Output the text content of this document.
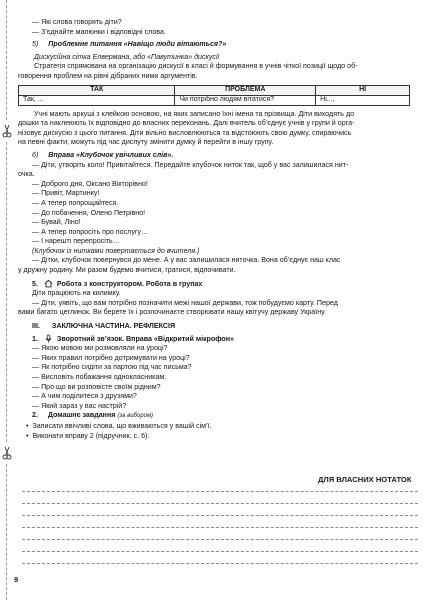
— Які слова говорять діти?
— З’єднайте малюнки і відповідні слова.
5) Проблемне питання «Навіщо люди вітаються?»
Дискусійна сітка Елвермана, або «Павутинка» дискусії
Стратегія спрямована на організацію дискусії в класі й формування в учнів чіткої позиції щодо об-
говорення проблем на рівні дібраних ними аргументів.
ТАК	ПРОБЛЕМА	НІ
Так, ...	Чи потрібно людям вітатися?	Ні...,
Учні мають аркуші з клейкою основою, на яких записано їхні імена та прізвища. Діти виходять до
дошки та наклеюють їх відповідно до власних переконань. Далі вчитель об’єднує учнів у групи й орга-
нізовує дискусію з цього питання. Діти вільно висловлюються та відстоюють свою думку, спираючись
на певні факти; можуть під час диспуту змінити думку й перейти в іншу групу.
6) Вправа «Клубочок увічливих слів».
— Діти, утворіть коло! Привітайтеся. Передайте клубочок ниток так, щоб у вас залишилася нит-
очка.
— Доброго дня, Оксано Вікторівно!
— Привіт, Мартинку!
— А тепер попрощайтеся.
— До побачення, Олено Петрівно!
— Бувай, Ліно!
— А тепер попросіть про послугу…
— І нарешті перепросіть…
(Клубочок із нитками повертається до вчителя.)
— Дітки, клубочок повернувся до мене. А у вас залишилася ниточка. Вона об’єднує наш клас
у дружну родину. Ми разом будемо вчитися, гратися, відпочивати.
5.	Робота з конструктором. Робота в групах
Діти працюють на килимку.
— Діти, уявіть, що вам потрібно позначити межі нашої держави, тож побудуємо карту. Перед
вами багато цеглинок. Ви берете їх і розпочинаєте створювати нашу квітучу державу Україну.
III. ЗАКЛЮЧНА ЧАСТИНА. РЕФЛЕКСІЯ
1.	Зворотний зв’язок. Вправа «Відкритий мікрофон»
— Якою мовою ми розмовляли на уроці?
— Яких правил потрібно дотримувати на уроці?
— Як потрібно сидіти за партою під час письма?
— Висловіть побажання однокласникам.
— Про що ви розповісте своїм рідним?
— А чим поділитеся з друзями?
— Який зараз у вас настрій?
2. Домашнє завдання (за вибором)
•  Записати ввічливі слова, що вживаються у вашій сім’ї.
•  Виконати вправу 2 (підручник, с. 6).
ДЛЯ ВЛАСНИХ НОТАТОК
9
